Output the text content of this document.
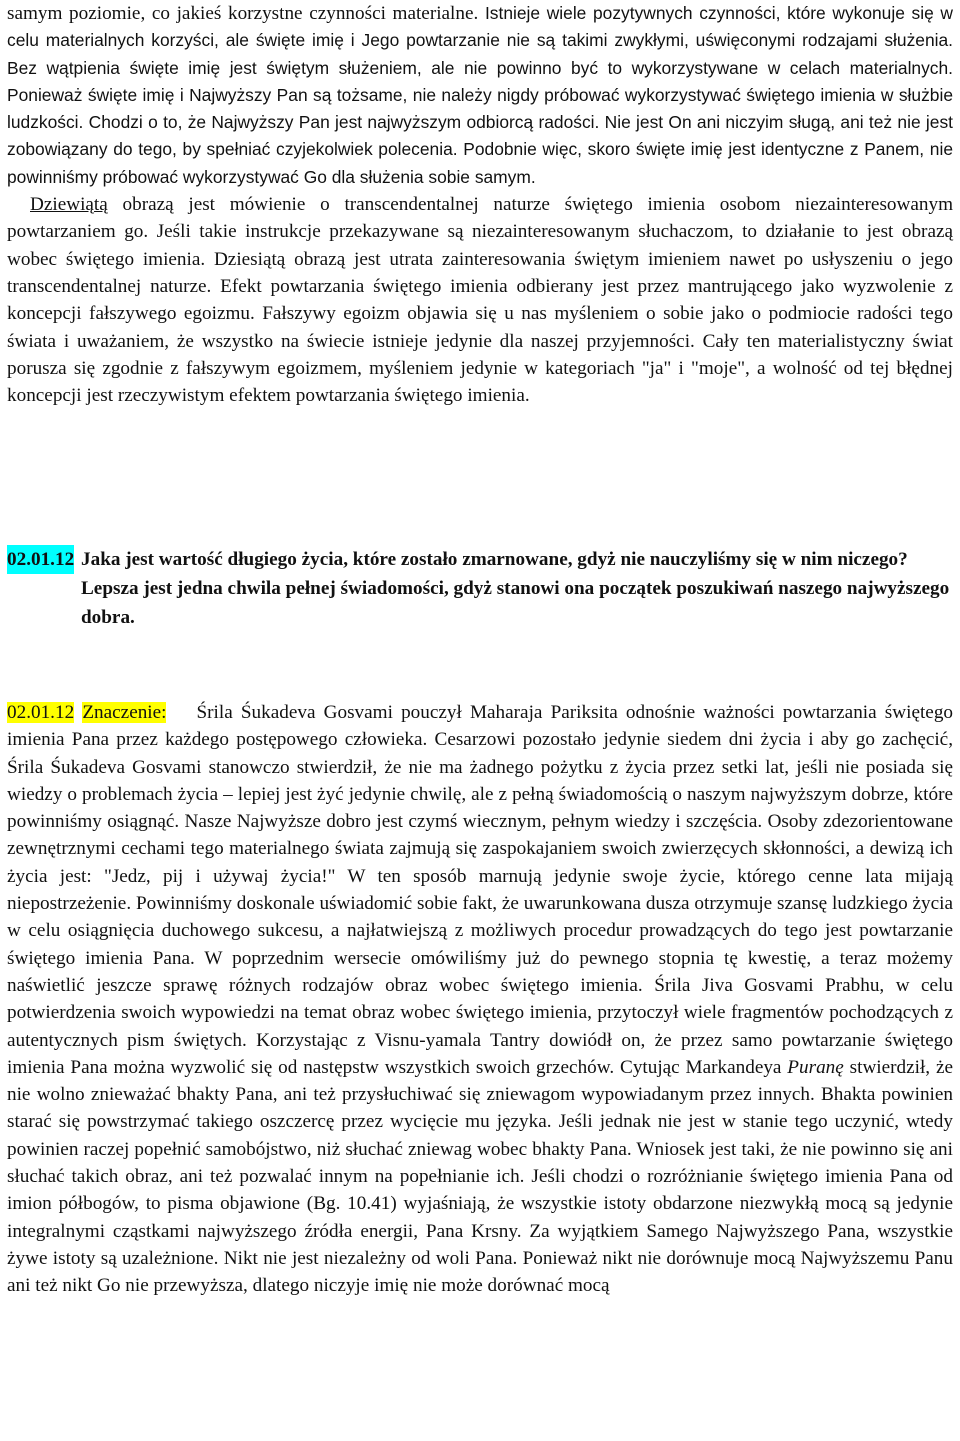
samym poziomie, co jakieś korzystne czynności materialne. Istnieje wiele pozytywnych czynności, które wykonuje się w celu materialnych korzyści, ale święte imię i Jego powtarzanie nie są takimi zwykłymi, uświęconymi rodzajami służenia. Bez wątpienia święte imię jest świętym służeniem, ale nie powinno być to wykorzystywane w celach materialnych. Ponieważ święte imię i Najwyższy Pan są tożsame, nie należy nigdy próbować wykorzystywać świętego imienia w służbie ludzkości. Chodzi o to, że Najwyższy Pan jest najwyższym odbiorcą radości. Nie jest On ani niczyim sługą, ani też nie jest zobowiązany do tego, by spełniać czyjekolwiek polecenia. Podobnie więc, skoro święte imię jest identyczne z Panem, nie powinniśmy próbować wykorzystywać Go dla służenia sobie samym.

Dziewiątą obrazą jest mówienie o transcendentalnej naturze świętego imienia osobom niezainteresowanym powtarzaniem go. Jeśli takie instrukcje przekazywane są niezainteresowanym słuchaczom, to działanie to jest obrazą wobec świętego imienia. Dziesiątą obrazą jest utrata zainteresowania świętym imieniem nawet po usłyszeniu o jego transcendentalnej naturze. Efekt powtarzania świętego imienia odbierany jest przez mantrującego jako wyzwolenie z koncepcji fałszywego egoizmu. Fałszywy egoizm objawia się u nas myśleniem o sobie jako o podmiocie radości tego świata i uważaniem, że wszystko na świecie istnieje jedynie dla naszej przyjemności. Cały ten materialistyczny świat porusza się zgodnie z fałszywym egoizmem, myśleniem jedynie w kategoriach "ja" i "moje", a wolność od tej błędnej koncepcji jest rzeczywistym efektem powtarzania świętego imienia.

02.01.12 Jaka jest wartość długiego życia, które zostało zmarnowane, gdyż nie nauczyliśmy się w nim niczego? Lepsza jest jedna chwila pełnej świadomości, gdyż stanowi ona początek poszukiwań naszego najwyższego dobra.

02.01.12 Znaczenie: Śrila Śukadeva Gosvami pouczył Maharaja Pariksita odnośnie ważności powtarzania świętego imienia Pana przez każdego postępowego człowieka. Cesarzowi pozostało jedynie siedem dni życia i aby go zachęcić, Śrila Śukadeva Gosvami stanowczo stwierdził, że nie ma żadnego pożytku z życia przez setki lat, jeśli nie posiada się wiedzy o problemach życia – lepiej jest żyć jedynie chwilę, ale z pełną świadomością o naszym najwyższym dobrze, które powinniśmy osiągnąć. Nasze Najwyższe dobro jest czymś wiecznym, pełnym wiedzy i szczęścia. Osoby zdezorientowane zewnętrznymi cechami tego materialnego świata zajmują się zaspokajaniem swoich zwierzęcych skłonności, a dewizą ich życia jest: "Jedz, pij i używaj życia!" W ten sposób marnują jedynie swoje życie, którego cenne lata mijają niepostrzeżenie. Powinniśmy doskonale uświadomić sobie fakt, że uwarunkowana dusza otrzymuje szansę ludzkiego życia w celu osiągnięcia duchowego sukcesu, a najłatwiejszą z możliwych procedur prowadzących do tego jest powtarzanie świętego imienia Pana. W poprzednim wersecie omówiliśmy już do pewnego stopnia tę kwestię, a teraz możemy naświetlić jeszcze sprawę różnych rodzajów obraz wobec świętego imienia. Śrila Jiva Gosvami Prabhu, w celu potwierdzenia swoich wypowiedzi na temat obraz wobec świętego imienia, przytoczył wiele fragmentów pochodzących z autentycznych pism świętych. Korzystając z Visnu-yamala Tantry dowiódł on, że przez samo powtarzanie świętego imienia Pana można wyzwolić się od następstw wszystkich swoich grzechów. Cytując Markandeya Puranę stwierdził, że nie wolno znieważać bhakty Pana, ani też przysłuchiwać się zniewagom wypowiadanym przez innych. Bhakta powinien starać się powstrzymać takiego oszczercę przez wycięcie mu języka. Jeśli jednak nie jest w stanie tego uczynić, wtedy powinien raczej popełnić samobójstwo, niż słuchać zniewag wobec bhakty Pana. Wniosek jest taki, że nie powinno się ani słuchać takich obraz, ani też pozwalać innym na popełnianie ich. Jeśli chodzi o rozróżnianie świętego imienia Pana od imion półbogów, to pisma objawione (Bg. 10.41) wyjaśniają, że wszystkie istoty obdarzone niezwykłą mocą są jedynie integralnymi cząstkami najwyższego źródła energii, Pana Krsny. Za wyjątkiem Samego Najwyższego Pana, wszystkie żywe istoty są uzależnione. Nikt nie jest niezależny od woli Pana. Ponieważ nikt nie dorównuje mocą Najwyższemu Panu ani też nikt Go nie przewyższa, dlatego niczyje imię nie może dorównać mocą
